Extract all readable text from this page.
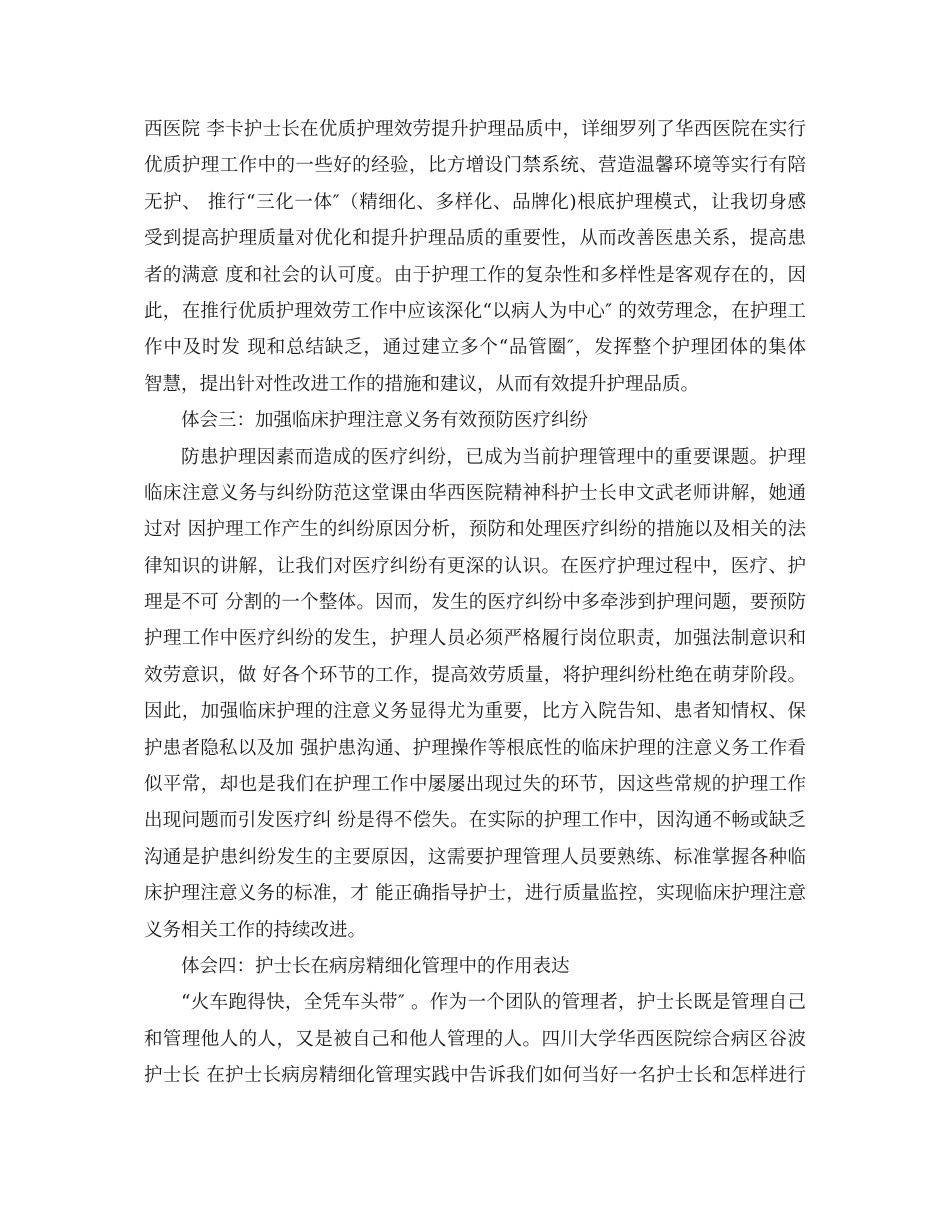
西医院 李卡护士长在优质护理效劳提升护理品质中，详细罗列了华西医院在实行
优质护理工作中的一些好的经验，比方增设门禁系统、营造温馨环境等实行有陪
无护、 推行“三化一体″（精细化、多样化、品牌化)根底护理模式，让我切身感
受到提高护理质量对优化和提升护理品质的重要性，从而改善医患关系，提高患
者的满意 度和社会的认可度。由于护理工作的复杂性和多样性是客观存在的，因
此，在推行优质护理效劳工作中应该深化“以病人为中心″ 的效劳理念，在护理工
作中及时发 现和总结缺乏，通过建立多个“品管圈″，发挥整个护理团体的集体
智慧，提出针对性改进工作的措施和建议，从而有效提升护理品质。
体会三：加强临床护理注意义务有效预防医疗纠纷
防患护理因素而造成的医疗纠纷，已成为当前护理管理中的重要课题。护理
临床注意义务与纠纷防范这堂课由华西医院精神科护士长申文武老师讲解，她通
过对 因护理工作产生的纠纷原因分析，预防和处理医疗纠纷的措施以及相关的法
律知识的讲解，让我们对医疗纠纷有更深的认识。在医疗护理过程中，医疗、护
理是不可 分割的一个整体。因而，发生的医疗纠纷中多牵涉到护理问题，要预防
护理工作中医疗纠纷的发生，护理人员必须严格履行岗位职责，加强法制意识和
效劳意识，做 好各个环节的工作，提高效劳质量，将护理纠纷杜绝在萌芽阶段。
因此，加强临床护理的注意义务显得尤为重要，比方入院告知、患者知情权、保
护患者隐私以及加 强护患沟通、护理操作等根底性的临床护理的注意义务工作看
似平常，却也是我们在护理工作中屡屡出现过失的环节，因这些常规的护理工作
出现问题而引发医疗纠 纷是得不偿失。在实际的护理工作中，因沟通不畅或缺乏
沟通是护患纠纷发生的主要原因，这需要护理管理人员要熟练、标准掌握各种临
床护理注意义务的标准，才 能正确指导护士，进行质量监控，实现临床护理注意
义务相关工作的持续改进。
体会四：护士长在病房精细化管理中的作用表达
“火车跑得快，全凭车头带″ 。作为一个团队的管理者，护士长既是管理自己
和管理他人的人，又是被自己和他人管理的人。四川大学华西医院综合病区谷波
护士长 在护士长病房精细化管理实践中告诉我们如何当好一名护士长和怎样进行
